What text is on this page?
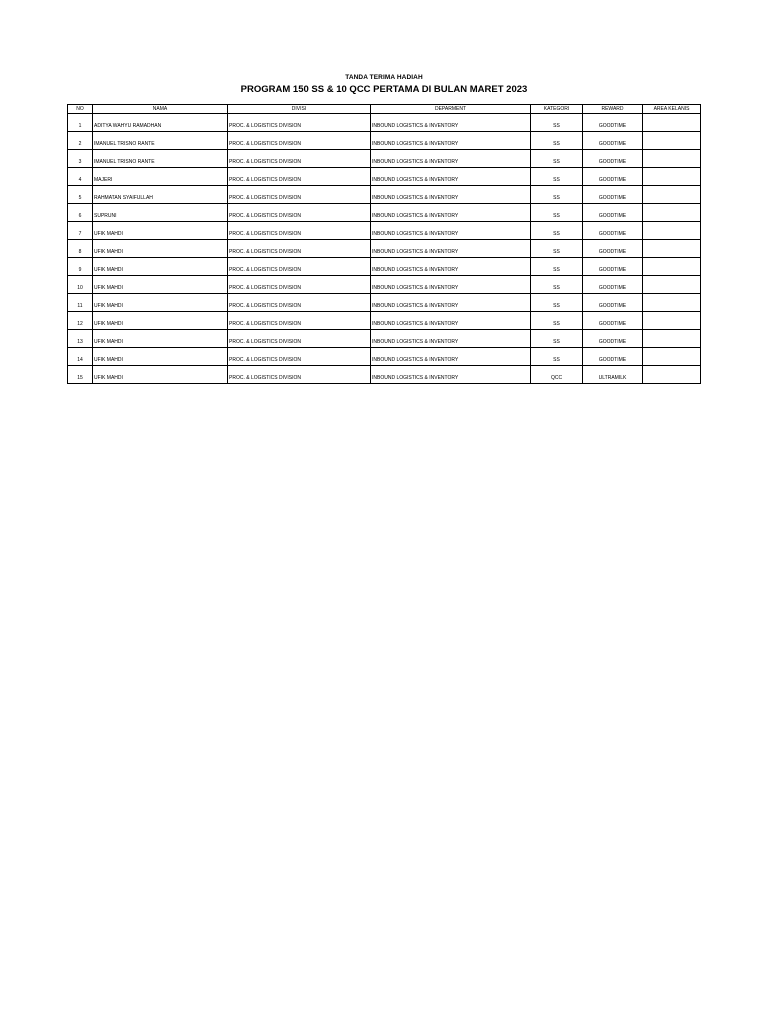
TANDA TERIMA HADIAH
PROGRAM 150 SS & 10 QCC PERTAMA DI BULAN MARET 2023
NO	NAMA	DIVISI	DEPARMENT	KATEGORI	REWARD	AREA KELANIS
1	ADITYA WAHYU RAMADHAN	PROC. & LOGISTICS DIVISION	INBOUND LOGISTICS & INVENTORY	SS	GOODTIME	
2	IMANUEL TRISNO RANTE	PROC. & LOGISTICS DIVISION	INBOUND LOGISTICS & INVENTORY	SS	GOODTIME	
3	IMANUEL TRISNO RANTE	PROC. & LOGISTICS DIVISION	INBOUND LOGISTICS & INVENTORY	SS	GOODTIME	
4	MAJERI	PROC. & LOGISTICS DIVISION	INBOUND LOGISTICS & INVENTORY	SS	GOODTIME	
5	RAHMATAN SYAIFULLAH	PROC. & LOGISTICS DIVISION	INBOUND LOGISTICS & INVENTORY	SS	GOODTIME	
6	SUPRUNI	PROC. & LOGISTICS DIVISION	INBOUND LOGISTICS & INVENTORY	SS	GOODTIME	
7	UFIK MAHDI	PROC. & LOGISTICS DIVISION	INBOUND LOGISTICS & INVENTORY	SS	GOODTIME	
8	UFIK MAHDI	PROC. & LOGISTICS DIVISION	INBOUND LOGISTICS & INVENTORY	SS	GOODTIME	
9	UFIK MAHDI	PROC. & LOGISTICS DIVISION	INBOUND LOGISTICS & INVENTORY	SS	GOODTIME	
10	UFIK MAHDI	PROC. & LOGISTICS DIVISION	INBOUND LOGISTICS & INVENTORY	SS	GOODTIME	
11	UFIK MAHDI	PROC. & LOGISTICS DIVISION	INBOUND LOGISTICS & INVENTORY	SS	GOODTIME	
12	UFIK MAHDI	PROC. & LOGISTICS DIVISION	INBOUND LOGISTICS & INVENTORY	SS	GOODTIME	
13	UFIK MAHDI	PROC. & LOGISTICS DIVISION	INBOUND LOGISTICS & INVENTORY	SS	GOODTIME	
14	UFIK MAHDI	PROC. & LOGISTICS DIVISION	INBOUND LOGISTICS & INVENTORY	SS	GOODTIME	
15	UFIK MAHDI	PROC. & LOGISTICS DIVISION	INBOUND LOGISTICS & INVENTORY	QCC	ULTRAMILK	
